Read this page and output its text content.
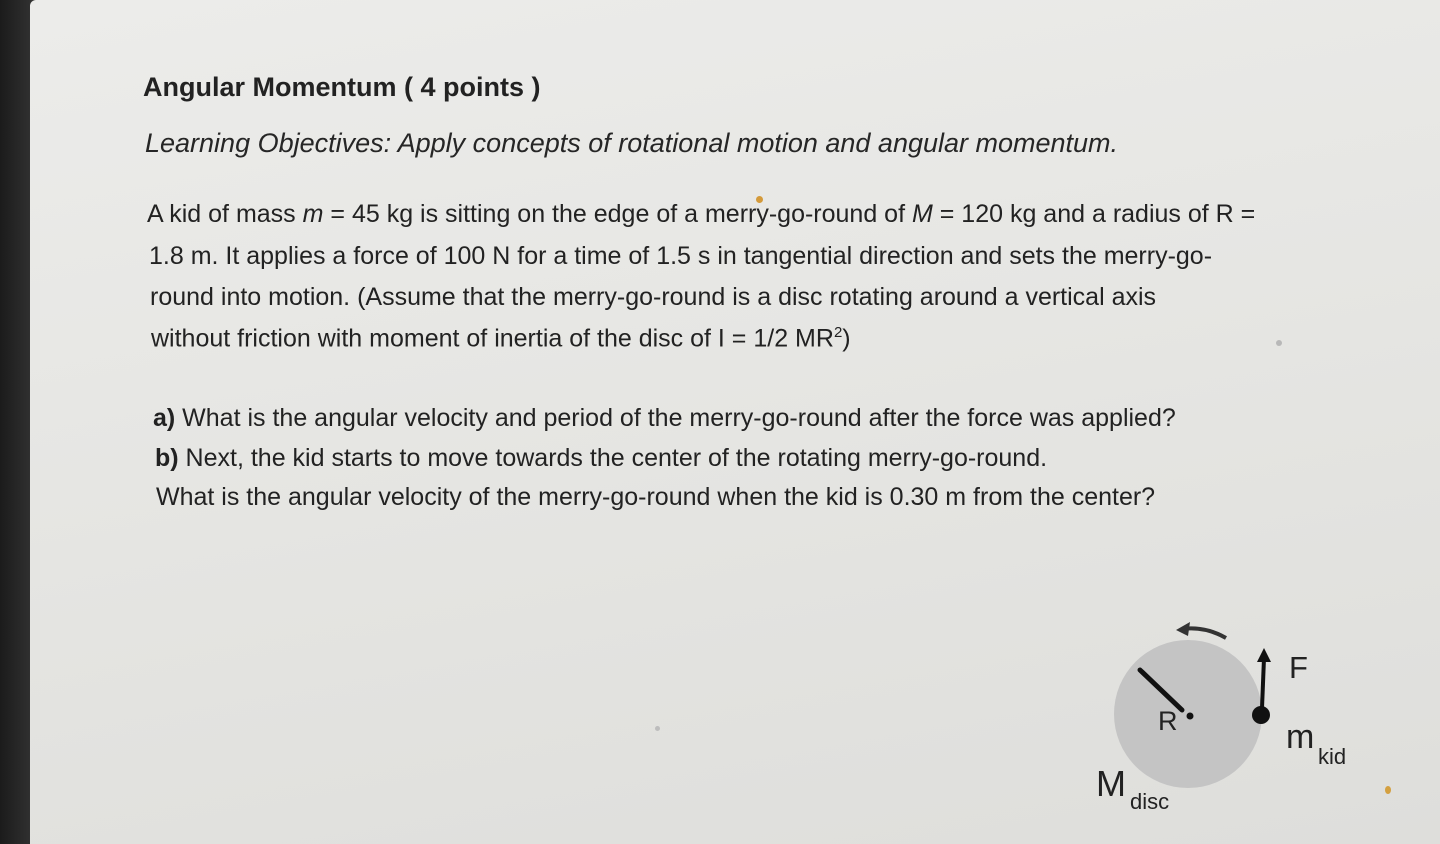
Angular Momentum ( 4 points )
Learning Objectives: Apply concepts of rotational motion and angular momentum.
A kid of mass m = 45 kg is sitting on the edge of a merry-go-round of M = 120 kg and a radius of R =
1.8 m. It applies a force of 100 N for a time of 1.5 s in tangential direction and sets the merry-go-
round into motion. (Assume that the merry-go-round is a disc rotating around a vertical axis
without friction with moment of inertia of the disc of I = 1/2 $MR^2$)
a) What is the angular velocity and period of the merry-go-round after the force was applied?
b) Next, the kid starts to move towards the center of the rotating merry-go-round.
What is the angular velocity of the merry-go-round when the kid is 0.30 m from the center?
R
F
m
kid
M disc
